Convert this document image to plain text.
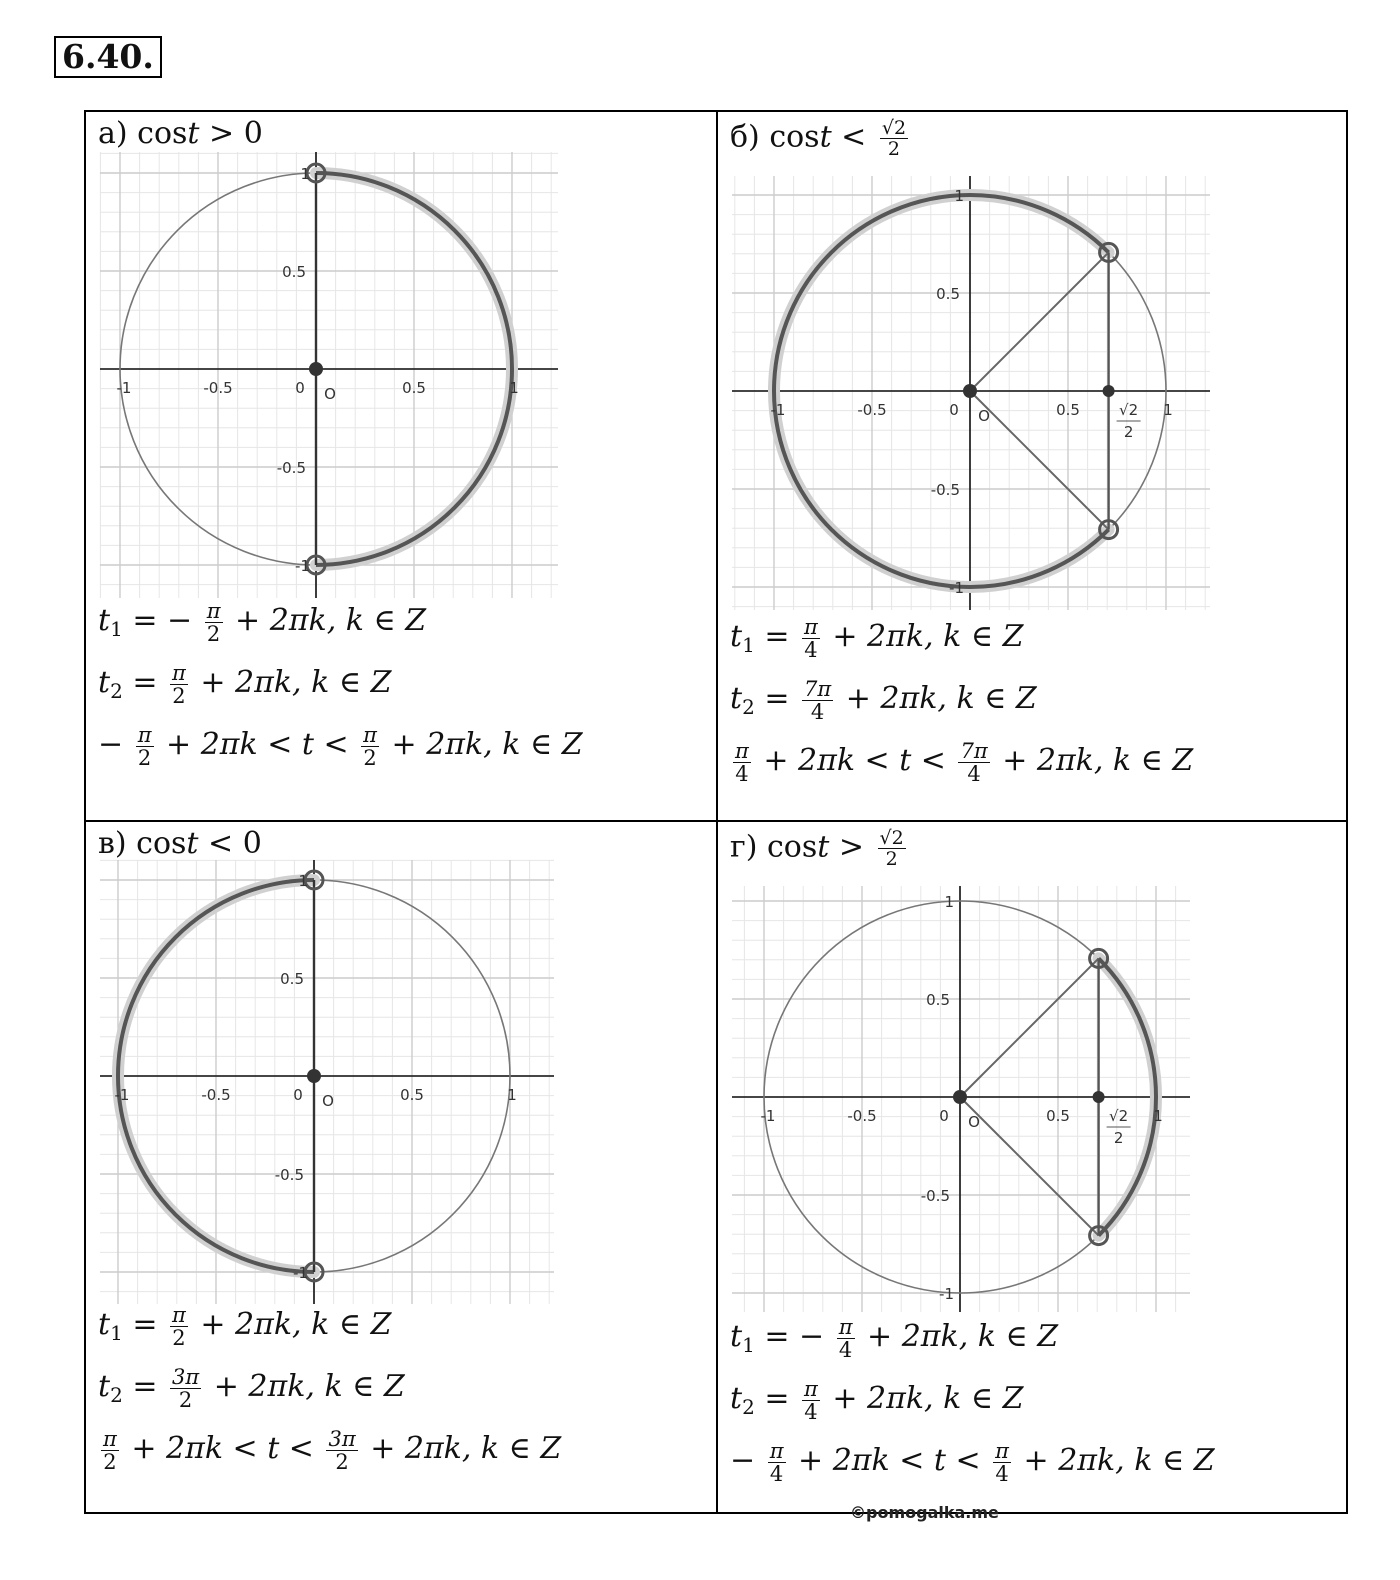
6.40.
а) cost > 0
-1	-0.5	0	0.5	1
O
1
0.5
-0.5
-1
$t_1$ = − $\frac{\pi}{2} + 2\pi k$, k ∈ Z
$t_2 = \frac{\pi}{2} + 2\pi k$, k ∈ Z
− $\frac{\pi}{2} + 2\pi k < t < \frac{\pi}{2} + 2\pi k$, k ∈ Z
б) $\cos t < \frac{√2}{2}$
-1	-0.5	0	0.5	1
O
1
0.5
-0.5
-1
√2
2
$t_1 = \frac{\pi}{4} + 2\pi k$, k ∈ Z
$t_2 = \frac{7\pi}{4} + 2\pi k$, k ∈ Z
$\frac{\pi}{4} + 2\pi k < t < \frac{7\pi}{4} + 2\pi k$, k ∈ Z
в) cost < 0
-1	-0.5	0	0.5	1
O
1
0.5
-0.5
-1
$t_1 = \frac{\pi}{2} + 2\pi k$, k ∈ Z
$t_2 = \frac{3\pi}{2} + 2\pi k$, k ∈ Z
$\frac{\pi}{2} + 2\pi k < t < \frac{3\pi}{2} + 2\pi k$, k ∈ Z
г) $\cos t > \frac{√2}{2}$
-1	-0.5	0	0.5	1
O
1
0.5
-0.5
-1
√2
2
$t_1$ = − $\frac{\pi}{4} + 2\pi k$, k ∈ Z
$t_2 = \frac{\pi}{4} + 2\pi k$, k ∈ Z
− $\frac{\pi}{4} + 2\pi k < t < \frac{\pi}{4} + 2\pi k$, k ∈ Z
©pomogalka.me
